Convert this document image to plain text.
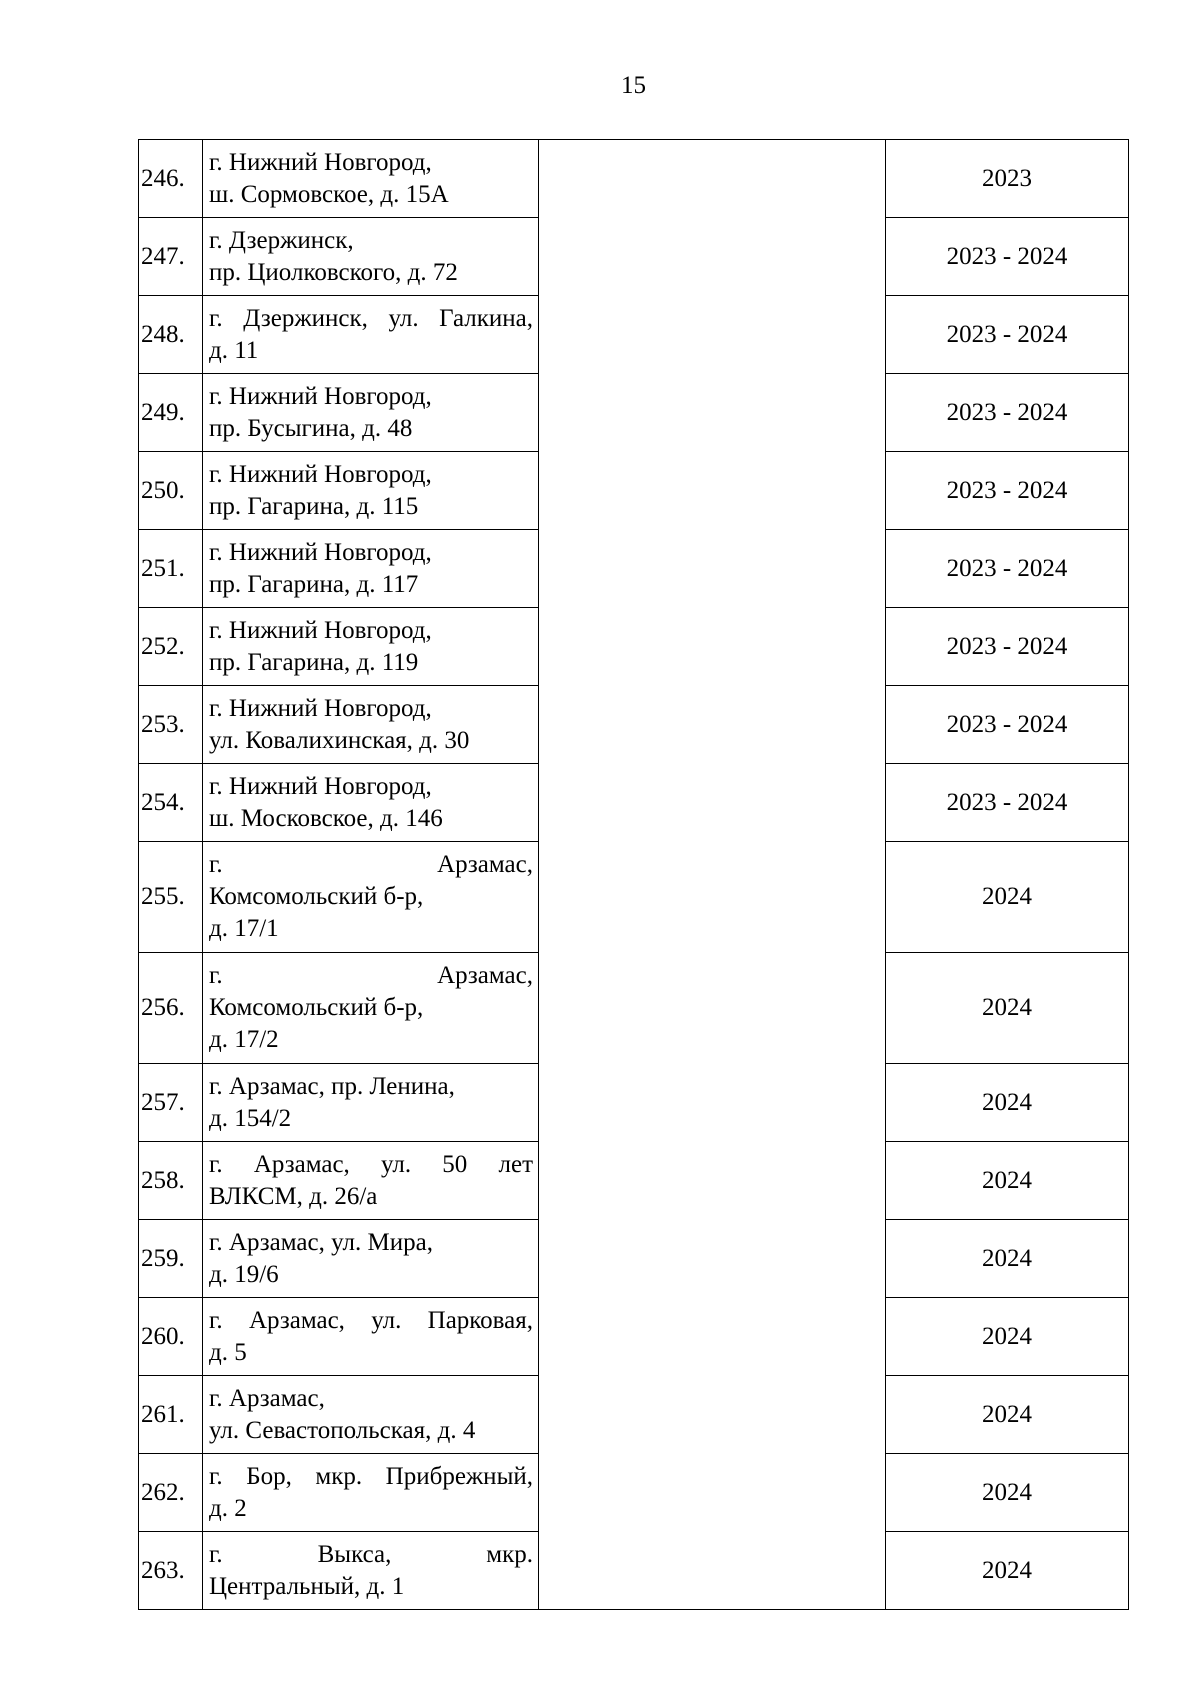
15
246.	г. Нижний Новгород,
ш. Сормовское, д. 15А		2023
247.	г. Дзержинск,
пр. Циолковского, д. 72		2023 - 2024
248.	г. Дзержинск, ул. Галкина,
д. 11		2023 - 2024
249.	г. Нижний Новгород,
пр. Бусыгина, д. 48		2023 - 2024
250.	г. Нижний Новгород,
пр. Гагарина, д. 115		2023 - 2024
251.	г. Нижний Новгород,
пр. Гагарина, д. 117		2023 - 2024
252.	г. Нижний Новгород,
пр. Гагарина, д. 119		2023 - 2024
253.	г. Нижний Новгород,
ул. Ковалихинская, д. 30		2023 - 2024
254.	г. Нижний Новгород,
ш. Московское, д. 146		2023 - 2024
255.	г. Арзамас,
Комсомольский б-р,
д. 17/1		2024
256.	г. Арзамас,
Комсомольский б-р,
д. 17/2		2024
257.	г. Арзамас, пр. Ленина,
д. 154/2		2024
258.	г. Арзамас, ул. 50 лет
ВЛКСМ, д. 26/а		2024
259.	г. Арзамас, ул. Мира,
д. 19/6		2024
260.	г. Арзамас, ул. Парковая,
д. 5		2024
261.	г. Арзамас,
ул. Севастопольская, д. 4		2024
262.	г. Бор, мкр. Прибрежный,
д. 2		2024
263.	г. Выкса, мкр.
Центральный, д. 1		2024
